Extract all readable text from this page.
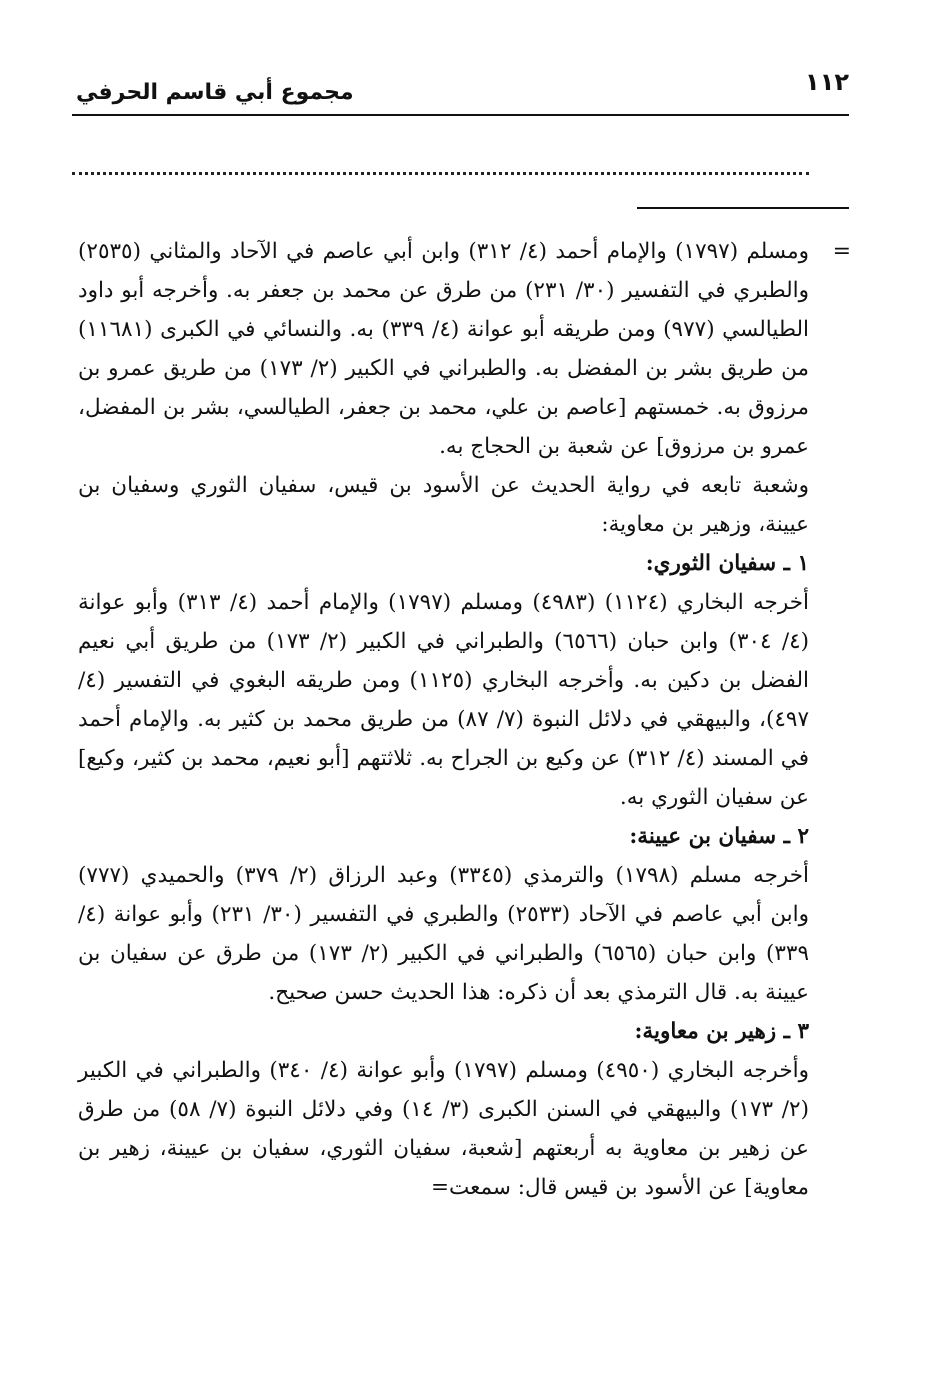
١١٢
مجموع أبي قاسم الحرفي
=

ومسلم (١٧٩٧) والإمام أحمد (٤/ ٣١٢) وابن أبي عاصم في الآحاد والمثاني (٢٥٣٥) والطبري في التفسير (٣٠/ ٢٣١) من طرق عن محمد بن جعفر به. وأخرجه أبو داود الطيالسي (٩٧٧) ومن طريقه أبو عوانة (٤/ ٣٣٩) به. والنسائي في الكبرى (١١٦٨١) من طريق بشر بن المفضل به. والطبراني في الكبير (٢/ ١٧٣) من طريق عمرو بن مرزوق به. خمستهم [عاصم بن علي، محمد بن جعفر، الطيالسي، بشر بن المفضل، عمرو بن مرزوق] عن شعبة بن الحجاج به.

وشعبة تابعه في رواية الحديث عن الأسود بن قيس، سفيان الثوري وسفيان بن عيينة، وزهير بن معاوية:

١ ـ سفيان الثوري:

أخرجه البخاري (١١٢٤) (٤٩٨٣) ومسلم (١٧٩٧) والإمام أحمد (٤/ ٣١٣) وأبو عوانة (٤/ ٣٠٤) وابن حبان (٦٥٦٦) والطبراني في الكبير (٢/ ١٧٣) من طريق أبي نعيم الفضل بن دكين به. وأخرجه البخاري (١١٢٥) ومن طريقه البغوي في التفسير (٤/ ٤٩٧)، والبيهقي في دلائل النبوة (٧/ ٨٧) من طريق محمد بن كثير به. والإمام أحمد في المسند (٤/ ٣١٢) عن وكيع بن الجراح به. ثلاثتهم [أبو نعيم، محمد بن كثير، وكيع] عن سفيان الثوري به.

٢ ـ سفيان بن عيينة:

أخرجه مسلم (١٧٩٨) والترمذي (٣٣٤٥) وعبد الرزاق (٢/ ٣٧٩) والحميدي (٧٧٧) وابن أبي عاصم في الآحاد (٢٥٣٣) والطبري في التفسير (٣٠/ ٢٣١) وأبو عوانة (٤/ ٣٣٩) وابن حبان (٦٥٦٥) والطبراني في الكبير (٢/ ١٧٣) من طرق عن سفيان بن عيينة به. قال الترمذي بعد أن ذكره: هذا الحديث حسن صحيح.

٣ ـ زهير بن معاوية:

وأخرجه البخاري (٤٩٥٠) ومسلم (١٧٩٧) وأبو عوانة (٤/ ٣٤٠) والطبراني في الكبير (٢/ ١٧٣) والبيهقي في السنن الكبرى (٣/ ١٤) وفي دلائل النبوة (٧/ ٥٨) من طرق عن زهير بن معاوية به أربعتهم [شعبة، سفيان الثوري، سفيان بن عيينة، زهير بن معاوية] عن الأسود بن قيس قال: سمعت=
